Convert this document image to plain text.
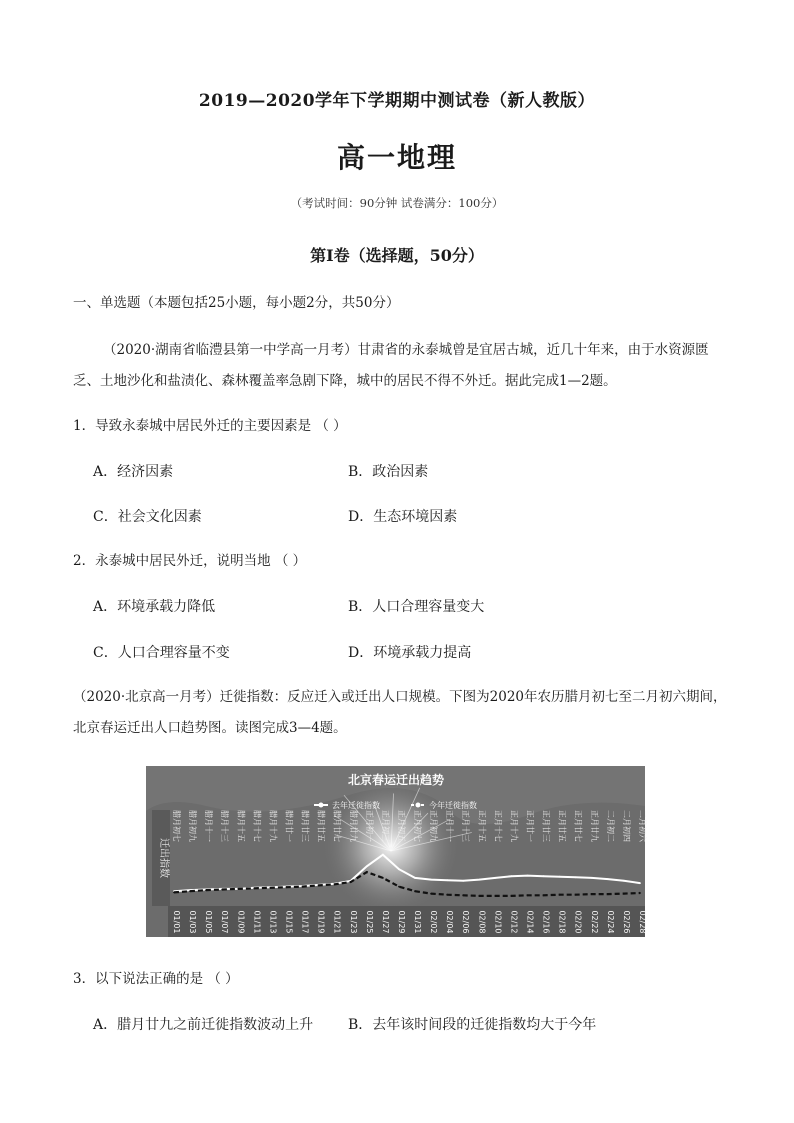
2019—2020学年下学期期中测试卷（新人教版）
高一地理
（考试时间：90分钟 试卷满分：100分）
第Ⅰ卷（选择题，50分）
一、单选题（本题包括25小题，每小题2分，共50分）
（2020·湖南省临澧县第一中学高一月考）甘肃省的永泰城曾是宜居古城，近几十年来，由于水资源匮
乏、土地沙化和盐渍化、森林覆盖率急剧下降，城中的居民不得不外迁。据此完成1—2题。
1．导致永泰城中居民外迁的主要因素是 （ ）
A．经济因素	B．政治因素
C．社会文化因素	D．生态环境因素
2．永泰城中居民外迁，说明当地 （ ）
A．环境承载力降低	B．人口合理容量变大
C．人口合理容量不变	D．环境承载力提高
（2020·北京高一月考）迁徙指数：反应迁入或迁出人口规模。下图为2020年农历腊月初七至二月初六期间，
北京春运迁出人口趋势图。读图完成3—4题。
迁出指数
北京春运迁出趋势
去年迁徙指数	今年迁徙指数
腊月初七 腊月初九 腊月十一 腊月十三 腊月十五 腊月十七 腊月十九 腊月廿一 腊月廿三 腊月廿五 腊月廿七 腊月廿九 正月初一 正月初三 正月初五 正月初七 正月初九 正月十一 正月十三 正月十五 正月十七 正月十九 正月廿一 正月廿三 正月廿五 正月廿七 正月廿九 二月初二 二月初四 二月初六
01/01 01/03 01/05 01/07 01/09 01/11 01/13 01/15 01/17 01/19 01/21 01/23 01/25 01/27 01/29 01/31 02/02 02/04 02/06 02/08 02/10 02/12 02/14 02/16 02/18 02/20 02/22 02/24 02/26 02/28
3．以下说法正确的是 （ ）
A．腊月廿九之前迁徙指数波动上升 B．去年该时间段的迁徙指数均大于今年
